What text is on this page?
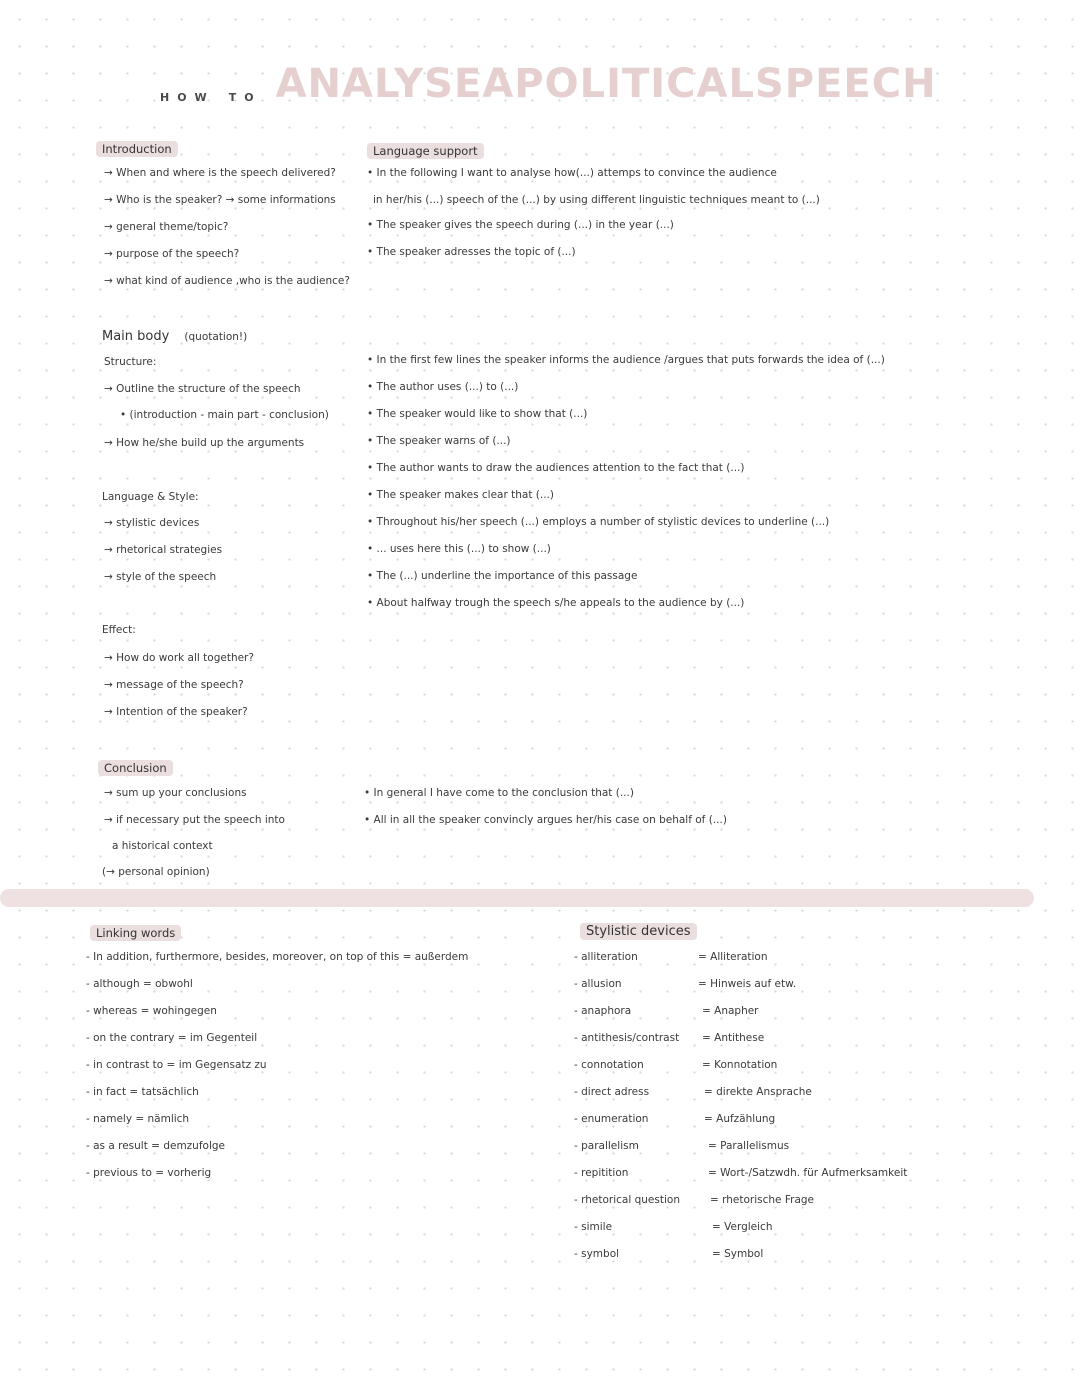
HOW TO ANALYSE A POLITICAL SPEECH
Introduction
→ When and where is the speech delivered?
→ Who is the speaker? → some informations
→ general theme/topic?
→ purpose of the speech?
→ what kind of audience ,who is the audience?
Language support
• In the following I want to analyse how(...) attemps to convince the audience
in her/his (...) speech of the (...) by using different linguistic techniques meant to (...)
• The speaker gives the speech during (...) in the year (...)
• The speaker adresses the topic of (...)
Main body (quotation!)
Structure:
→ Outline the structure of the speech
• (introduction - main part - conclusion)
→ How he/she build up the arguments
Language & Style:
→ stylistic devices
→ rhetorical strategies
→ style of the speech
Effect:
→ How do work all together?
→ message of the speech?
→ Intention of the speaker?
• In the first few lines the speaker informs the audience /argues that puts forwards the idea of (...)
• The author uses (...) to (...)
• The speaker would like to show that (...)
• The speaker warns of (...)
• The author wants to draw the audiences attention to the fact that (...)
• The speaker makes clear that (...)
• Throughout his/her speech (...) employs a number of stylistic devices to underline (...)
• ... uses here this (...) to show (...)
• The (...) underline the importance of this passage
• About halfway trough the speech s/he appeals to the audience by (...)
Conclusion
→ sum up your conclusions
→ if necessary put the speech into
a historical context
(→ personal opinion)
• In general I have come to the conclusion that (...)
• All in all the speaker convincly argues her/his case on behalf of (...)
Linking words
- In addition, furthermore, besides, moreover, on top of this = außerdem
- although = obwohl
- whereas = wohingegen
- on the contrary = im Gegenteil
- in contrast to = im Gegensatz zu
- in fact = tatsächlich
- namely = nämlich
- as a result = demzufolge
- previous to = vorherig
Stylistic devices
- alliteration	= Alliteration
- allusion	= Hinweis auf etw.
- anaphora	= Anapher
- antithesis/contrast = Antithese
- connotation	= Konnotation
- direct adress	= direkte Ansprache
- enumeration	= Aufzählung
- parallelism	= Parallelismus
- repitition	= Wort-/Satzwdh. für Aufmerksamkeit
- rhetorical question	= rhetorische Frage
- simile	= Vergleich
- symbol	= Symbol
